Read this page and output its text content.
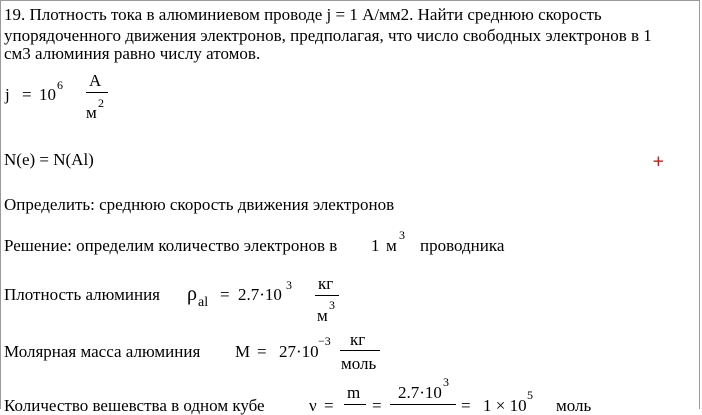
19. Плотность тока в алюминиевом проводе j = 1 А/мм2. Найти среднюю скорость
упорядоченного движения электронов, предполагая, что число свободных электронов в 1
см3 алюминия равно числу атомов.
j = 10 6 А
м 2
N(e) = N(Al)	+
Определить: среднюю скорость движения электронов
Решение: определим количество электронов в 1 м
3
проводника
Плотность алюминия ρ al = 2.7·10 3 кг
м
3
Молярная масса алюминия M = 27·10
−3	кг
моль
Количество вешевства в одном кубе	ν =
m
=
2.7·10
3
= 1 × 10
5
моль
